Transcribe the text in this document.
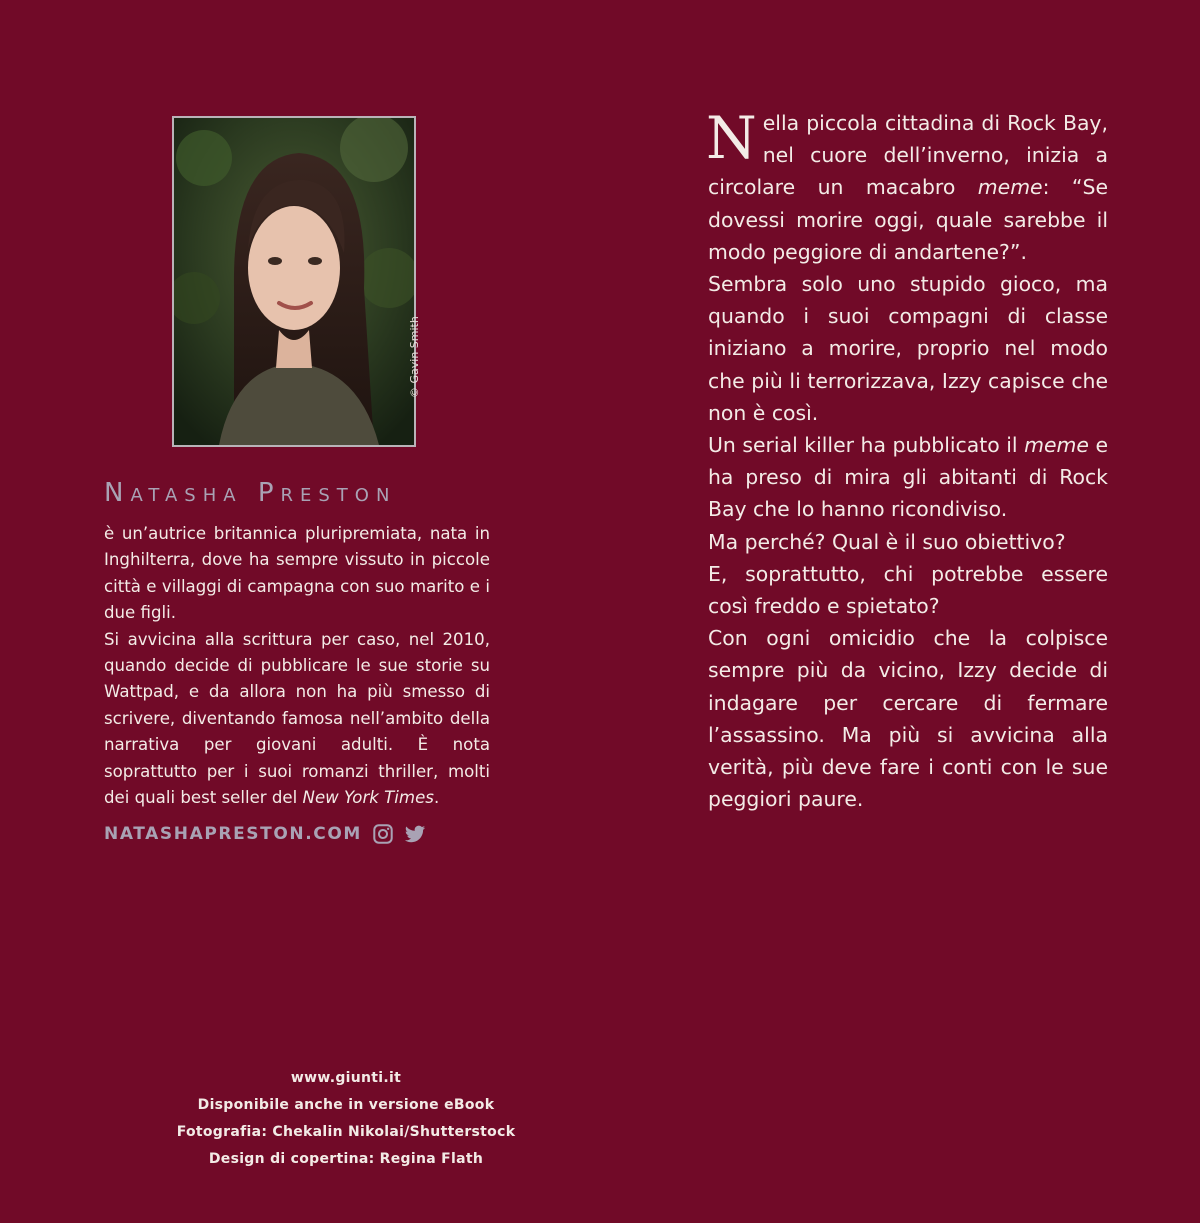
© Gavin Smith
Natasha Preston

è un’autrice britannica pluripremiata, nata in Inghilterra, dove ha sempre vissuto in piccole città e villaggi di campagna con suo marito e i due figli.

Si avvicina alla scrittura per caso, nel 2010, quando decide di pubblicare le sue storie su Wattpad, e da allora non ha più smesso di scrivere, diventando famosa nell’ambito della narrativa per giovani adulti. È nota soprattutto per i suoi romanzi thriller, molti dei quali best seller del New York Times.

NATASHAPRESTON.COM
www.giunti.it
Disponibile anche in versione eBook
Fotografia: Chekalin Nikolai/Shutterstock
Design di copertina: Regina Flath

Nella piccola cittadina di Rock Bay, nel cuore dell’inverno, inizia a circolare un macabro meme: “Se dovessi morire oggi, quale sarebbe il modo peggiore di andartene?”.

Sembra solo uno stupido gioco, ma quando i suoi compagni di classe iniziano a morire, proprio nel modo che più li terrorizzava, Izzy capisce che non è così.

Un serial killer ha pubblicato il meme e ha preso di mira gli abitanti di Rock Bay che lo hanno ricondiviso.

Ma perché? Qual è il suo obiettivo?

E, soprattutto, chi potrebbe essere così freddo e spietato?

Con ogni omicidio che la colpisce sempre più da vicino, Izzy decide di indagare per cercare di fermare l’assassino. Ma più si avvicina alla verità, più deve fare i conti con le sue peggiori paure.
